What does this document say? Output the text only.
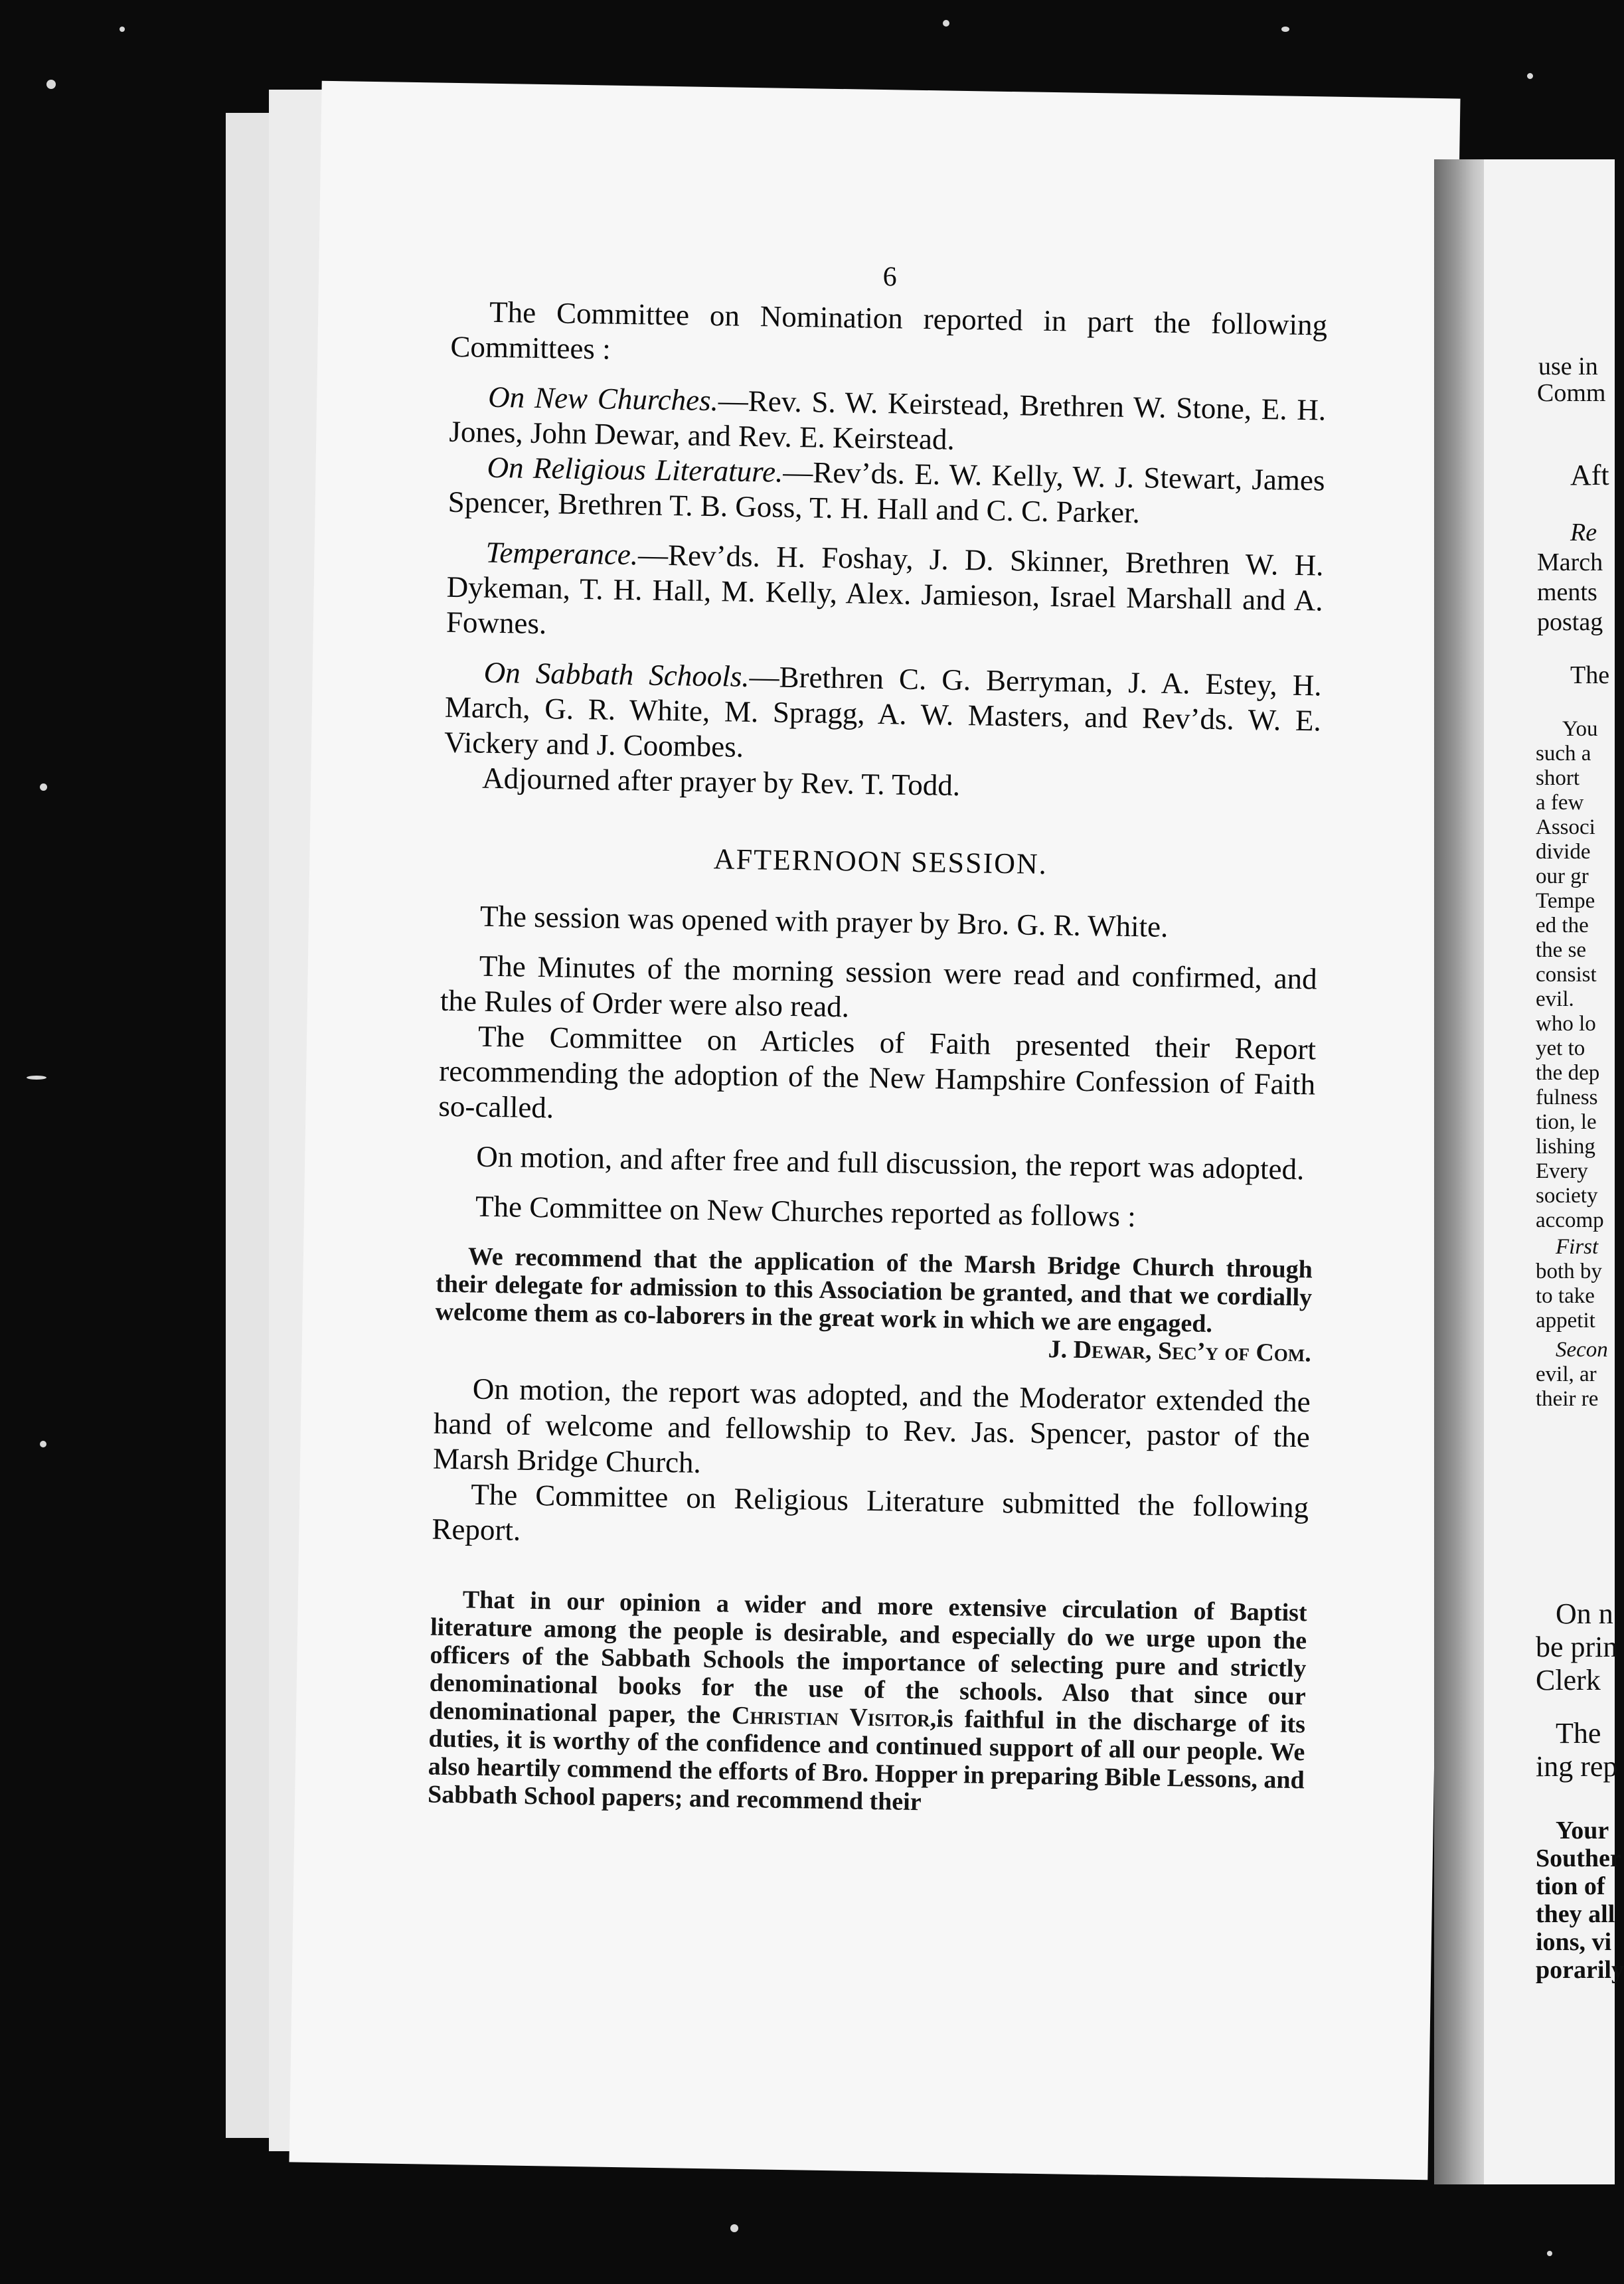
6

The Committee on Nomination reported in part the following Committees :

On New Churches.—Rev. S. W. Keirstead, Brethren W. Stone, E. H. Jones, John Dewar, and Rev. E. Keirstead.

On Religious Literature.—Rev’ds. E. W. Kelly, W. J. Stewart, James Spencer, Brethren T. B. Goss, T. H. Hall and C. C. Parker.

Temperance.—Rev’ds. H. Foshay, J. D. Skinner, Brethren W. H. Dykeman, T. H. Hall, M. Kelly, Alex. Jamieson, Israel Marshall and A. Fownes.

On Sabbath Schools.—Brethren C. G. Berryman, J. A. Estey, H. March, G. R. White, M. Spragg, A. W. Masters, and Rev’ds. W. E. Vickery and J. Coombes.

Adjourned after prayer by Rev. T. Todd.

AFTERNOON SESSION.

The session was opened with prayer by Bro. G. R. White.

The Minutes of the morning session were read and confirmed, and the Rules of Order were also read.

The Committee on Articles of Faith presented their Report recommending the adoption of the New Hampshire Confession of Faith so-called.

On motion, and after free and full discussion, the report was adopted.

The Committee on New Churches reported as follows :

We recommend that the application of the Marsh Bridge Church through their delegate for admission to this Association be granted, and that we cordially welcome them as co-laborers in the great work in which we are engaged.
J. Dewar, Sec’y of Com.

On motion, the report was adopted, and the Moderator extended the hand of welcome and fellowship to Rev. Jas. Spencer, pastor of the Marsh Bridge Church.

The Committee on Religious Literature submitted the following Report.

That in our opinion a wider and more extensive circulation of Baptist literature among the people is desirable, and especially do we urge upon the officers of the Sabbath Schools the importance of selecting pure and strictly denominational books for the use of the schools. Also that since our denominational paper, the Christian Visitor,is faithful in the discharge of its duties, it is worthy of the confidence and continued support of all our people. We also heartily commend the efforts of Bro. Hopper in preparing Bible Lessons, and Sabbath School papers; and recommend their
use in
Comm
Aft
Re
March
ments
postag
The
You
such a
short
a few
Associ
divide
our gr
Tempe
ed the
the se
consist
evil.
who lo
yet to
the dep
fulness
tion, le
lishing
Every
society
accomp
First
both by
to take
appetit
Secon
evil, ar
their re
On n
be prin
Clerk
The
ing rep
Your
Souther
tion of
they all
ions, vi
porarily
